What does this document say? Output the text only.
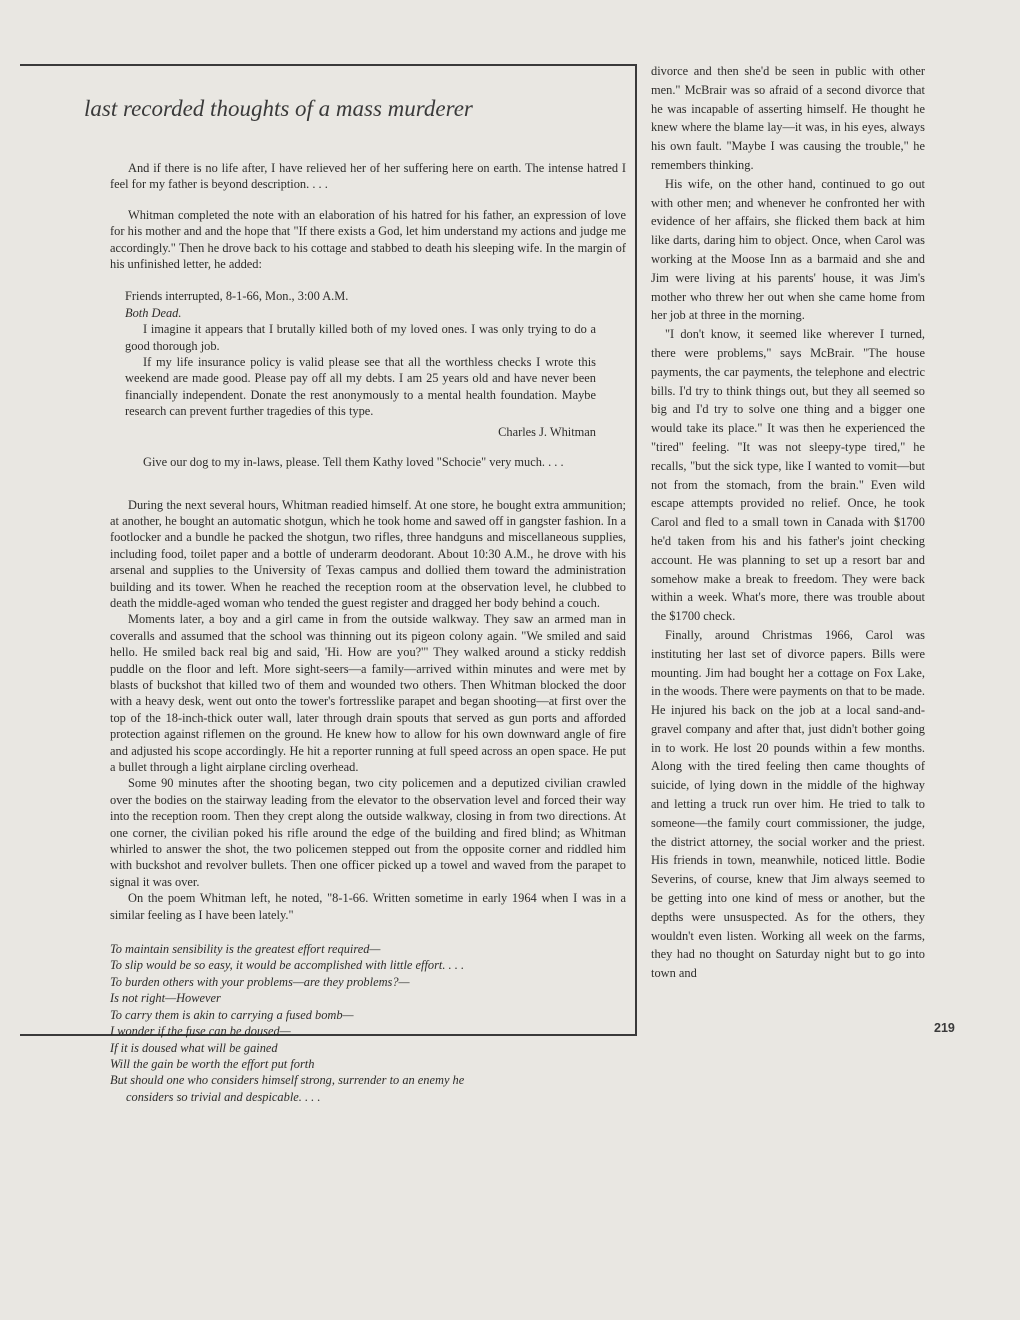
last recorded thoughts of a mass murderer

And if there is no life after, I have relieved her of her suffering here on earth. The intense hatred I feel for my father is beyond description. . . .

Whitman completed the note with an elaboration of his hatred for his father, an expression of love for his mother and and the hope that "If there exists a God, let him understand my actions and judge me accordingly." Then he drove back to his cottage and stabbed to death his sleeping wife. In the margin of his unfinished letter, he added:

Friends interrupted, 8-1-66, Mon., 3:00 A.M.

Both Dead.

I imagine it appears that I brutally killed both of my loved ones. I was only trying to do a good thorough job.

If my life insurance policy is valid please see that all the worthless checks I wrote this weekend are made good. Please pay off all my debts. I am 25 years old and have never been financially independent. Donate the rest anonymously to a mental health foundation. Maybe research can prevent further tragedies of this type.

Charles J. Whitman

Give our dog to my in-laws, please. Tell them Kathy loved "Schocie" very much. . . .

During the next several hours, Whitman readied himself. At one store, he bought extra ammunition; at another, he bought an automatic shotgun, which he took home and sawed off in gangster fashion. In a footlocker and a bundle he packed the shotgun, two rifles, three handguns and miscellaneous supplies, including food, toilet paper and a bottle of underarm deodorant. About 10:30 A.M., he drove with his arsenal and supplies to the University of Texas campus and dollied them toward the administration building and its tower. When he reached the reception room at the observation level, he clubbed to death the middle-aged woman who tended the guest register and dragged her body behind a couch.

Moments later, a boy and a girl came in from the outside walkway. They saw an armed man in coveralls and assumed that the school was thinning out its pigeon colony again. "We smiled and said hello. He smiled back real big and said, 'Hi. How are you?'" They walked around a sticky reddish puddle on the floor and left. More sight-seers—a family—arrived within minutes and were met by blasts of buckshot that killed two of them and wounded two others. Then Whitman blocked the door with a heavy desk, went out onto the tower's fortresslike parapet and began shooting—at first over the top of the 18-inch-thick outer wall, later through drain spouts that served as gun ports and afforded protection against riflemen on the ground. He knew how to allow for his own downward angle of fire and adjusted his scope accordingly. He hit a reporter running at full speed across an open space. He put a bullet through a light airplane circling overhead.

Some 90 minutes after the shooting began, two city policemen and a deputized civilian crawled over the bodies on the stairway leading from the elevator to the observation level and forced their way into the reception room. Then they crept along the outside walkway, closing in from two directions. At one corner, the civilian poked his rifle around the edge of the building and fired blind; as Whitman whirled to answer the shot, the two policemen stepped out from the opposite corner and riddled him with buckshot and revolver bullets. Then one officer picked up a towel and waved from the parapet to signal it was over.

On the poem Whitman left, he noted, "8-1-66. Written sometime in early 1964 when I was in a similar feeling as I have been lately."

To maintain sensibility is the greatest effort required—

To slip would be so easy, it would be accomplished with little effort. . . .

To burden others with your problems—are they problems?—

Is not right—However

To carry them is akin to carrying a fused bomb—

I wonder if the fuse can be doused—

If it is doused what will be gained

Will the gain be worth the effort put forth

But should one who considers himself strong, surrender to an enemy he

considers so trivial and despicable. . . .

divorce and then she'd be seen in public with other men." McBrair was so afraid of a second divorce that he was incapable of asserting himself. He thought he knew where the blame lay—it was, in his eyes, always his own fault. "Maybe I was causing the trouble," he remembers thinking.

His wife, on the other hand, continued to go out with other men; and whenever he confronted her with evidence of her affairs, she flicked them back at him like darts, daring him to object. Once, when Carol was working at the Moose Inn as a barmaid and she and Jim were living at his parents' house, it was Jim's mother who threw her out when she came home from her job at three in the morning.

"I don't know, it seemed like wherever I turned, there were problems," says McBrair. "The house payments, the car payments, the telephone and electric bills. I'd try to think things out, but they all seemed so big and I'd try to solve one thing and a bigger one would take its place." It was then he experienced the "tired" feeling. "It was not sleepy-type tired," he recalls, "but the sick type, like I wanted to vomit—but not from the stomach, from the brain." Even wild escape attempts provided no relief. Once, he took Carol and fled to a small town in Canada with $1700 he'd taken from his and his father's joint checking account. He was planning to set up a resort bar and somehow make a break to freedom. They were back within a week. What's more, there was trouble about the $1700 check.

Finally, around Christmas 1966, Carol was instituting her last set of divorce papers. Bills were mounting. Jim had bought her a cottage on Fox Lake, in the woods. There were payments on that to be made. He injured his back on the job at a local sand-and-gravel company and after that, just didn't bother going in to work. He lost 20 pounds within a few months. Along with the tired feeling then came thoughts of suicide, of lying down in the middle of the highway and letting a truck run over him. He tried to talk to someone—the family court commissioner, the judge, the district attorney, the social worker and the priest. His friends in town, meanwhile, noticed little. Bodie Severins, of course, knew that Jim always seemed to be getting into one kind of mess or another, but the depths were unsuspected. As for the others, they wouldn't even listen. Working all week on the farms, they had no thought on Saturday night but to go into town and

219
